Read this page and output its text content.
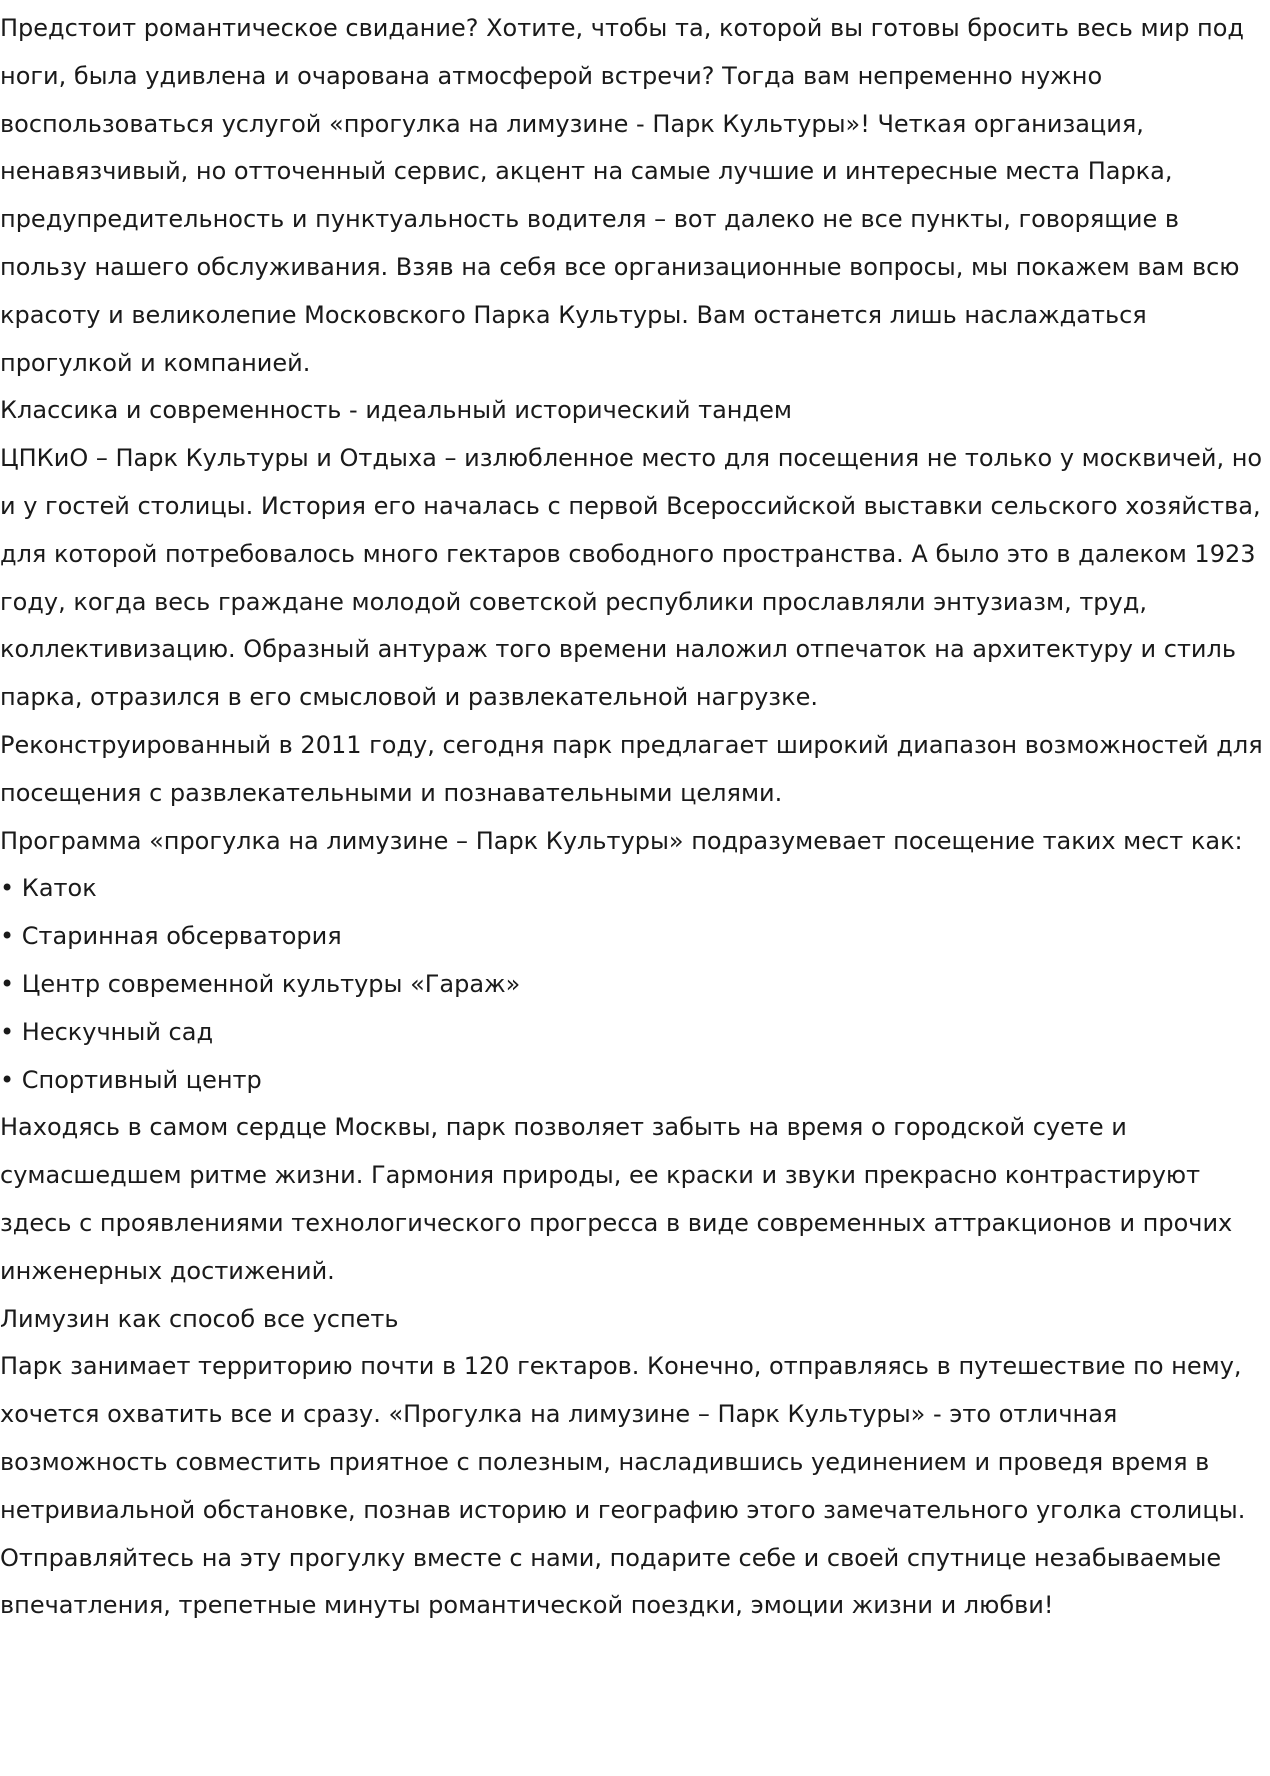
Предстоит романтическое свидание? Хотите, чтобы та, которой вы готовы бросить весь мир под ноги, была удивлена и очарована атмосферой встречи? Тогда вам непременно нужно воспользоваться услугой «прогулка на лимузине - Парк Культуры»! Четкая организация, ненавязчивый, но отточенный сервис, акцент на самые лучшие и интересные места Парка, предупредительность и пунктуальность водителя – вот далеко не все пункты, говорящие в пользу нашего обслуживания. Взяв на себя все организационные вопросы, мы покажем вам всю красоту и великолепие Московского Парка Культуры. Вам останется лишь наслаждаться прогулкой и компанией.

Классика и современность - идеальный исторический тандем

ЦПКиО – Парк Культуры и Отдыха – излюбленное место для посещения не только у москвичей, но и у гостей столицы. История его началась с первой Всероссийской выставки сельского хозяйства, для которой потребовалось много гектаров свободного пространства. А было это в далеком 1923 году, когда весь граждане молодой советской республики прославляли энтузиазм, труд, коллективизацию. Образный антураж того времени наложил отпечаток на архитектуру и стиль парка, отразился в его смысловой и развлекательной нагрузке.

Реконструированный в 2011 году, сегодня парк предлагает широкий диапазон возможностей для посещения с развлекательными и познавательными целями.

Программа «прогулка на лимузине – Парк Культуры» подразумевает посещение таких мест как:

• Каток

• Старинная обсерватория

• Центр современной культуры «Гараж»

• Нескучный сад

• Спортивный центр

Находясь в самом сердце Москвы, парк позволяет забыть на время о городской суете и сумасшедшем ритме жизни. Гармония природы, ее краски и звуки прекрасно контрастируют здесь с проявлениями технологического прогресса в виде современных аттракционов и прочих инженерных достижений.

Лимузин как способ все успеть

Парк занимает территорию почти в 120 гектаров. Конечно, отправляясь в путешествие по нему, хочется охватить все и сразу. «Прогулка на лимузине – Парк Культуры» - это отличная возможность совместить приятное с полезным, насладившись уединением и проведя время в нетривиальной обстановке, познав историю и географию этого замечательного уголка столицы. Отправляйтесь на эту прогулку вместе с нами, подарите себе и своей спутнице незабываемые впечатления, трепетные минуты романтической поездки, эмоции жизни и любви!
